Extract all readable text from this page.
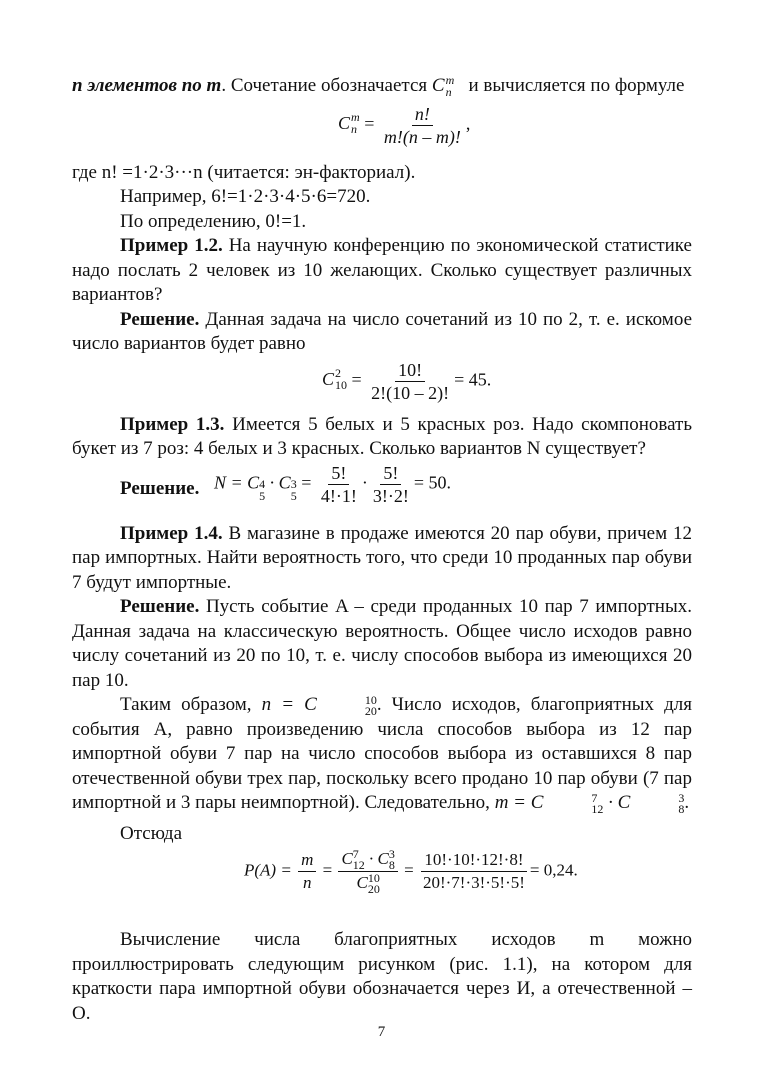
n элементов по m. Сочетание обозначается C m
n и вычисляется по формуле

C m
$n = \frac{n!}{m!(n - m)!}$ ,

где n! =1·2·3···n (читается: эн-факториал).

Например, 6!=1·2·3·4·5·6=720.

По определению, 0!=1.

Пример 1.2. На научную конференцию по экономической статистике надо послать 2 человек из 10 желающих. Сколько существует различных вариантов?

Решение. Данная задача на число сочетаний из 10 по 2, т. е. искомое число вариантов будет равно

C 2
$10 = \frac{10!}{2!(10 - 2)!} = 45$.

Пример 1.3. Имеется 5 белых и 5 красных роз. Надо скомпоновать букет из 7 роз: 4 белых и 3 красных. Сколько вариантов N существует?

Решение. N = C 4
5
· C 3
5
= $\frac{5!}{4!\cdot 1!} \cdot \frac{5!}{3!\cdot 2!} = 50$.

Пример 1.4. В магазине в продаже имеются 20 пар обуви, причем 12 пар импортных. Найти вероятность того, что среди 10 проданных пар обуви 7 будут импортные.

Решение. Пусть событие A – среди проданных 10 пар 7 импортных. Данная задача на классическую вероятность. Общее число исходов равно числу сочетаний из 20 по 10, т. е. числу способов выбора из имеющихся 20 пар 10.

Таким образом, n = C	10
20 . Число исходов, благоприятных для события A, равно произведению числа способов выбора из 12 пар импортной обуви 7 пар на число способов выбора из оставшихся 8 пар отечественной обуви трех пар, поскольку всего продано 10 пар обуви (7 пар импортной и 3 пары неимпортной). Следовательно, m = C	7
12 · C	3
8 .

Отсюда

$P(A) = \frac{m}{n} = C$ 7
12 · C 3
8
C 10
$20 = \frac{10!\cdot 10!\cdot 12!\cdot 8!}{20!\cdot 7!\cdot 3!\cdot 5!\cdot 5!} = 0,24$.

Вычисление числа благоприятных исходов m можно проиллюстрировать следующим рисунком (рис. 1.1), на котором для краткости пара импортной обуви обозначается через И, а отечественной – О.

7
